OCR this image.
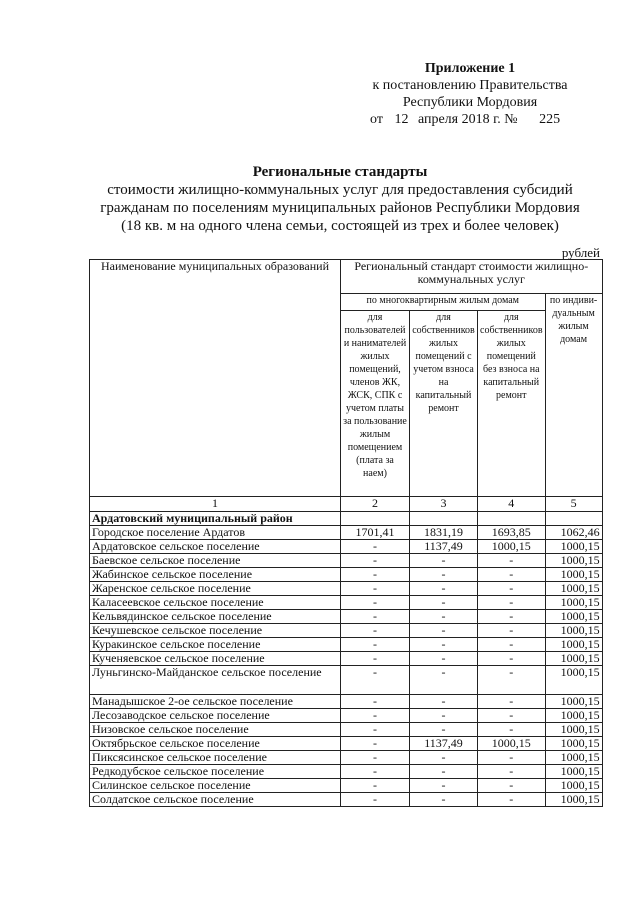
Приложение 1
к постановлению Правительства
Республики Мордовия
от 12 апреля 2018 г. № 225
Региональные стандарты
стоимости жилищно-коммунальных услуг для предоставления субсидий
гражданам по поселениям муниципальных районов Республики Мордовия
(18 кв. м на одного члена семьи, состоящей из трех и более человек)
рублей
Наименование муниципальных образований	Региональный стандарт стоимости жилищно-коммунальных услуг			
	по многоквартирным жилым домам			по индиви-дуальным жилым домам
	для пользователей и нанимателей жилых помещений, членов ЖК, ЖСК, СПК с учетом платы за пользование жилым помещением (плата за наем)	для собственников жилых помещений с учетом взноса на капитальный ремонт	для собственников жилых помещений без взноса на капитальный ремонт	
1	2	3	4	5
Ардатовский муниципальный район				
Городское поселение Ардатов	1701,41	1831,19	1693,85	1062,46
Ардатовское сельское поселение	-	1137,49	1000,15	1000,15
Баевское сельское поселение	-	-	-	1000,15
Жабинское сельское поселение	-	-	-	1000,15
Жаренское сельское поселение	-	-	-	1000,15
Каласеевское сельское поселение	-	-	-	1000,15
Кельвядинское сельское поселение	-	-	-	1000,15
Кечушевское сельское поселение	-	-	-	1000,15
Куракинское сельское поселение	-	-	-	1000,15
Кученяевское сельское поселение	-	-	-	1000,15
Луньгинско-Майданское сельское поселение	-	-	-	1000,15
Манадышское 2-ое сельское поселение	-	-	-	1000,15
Лесозаводское сельское поселение	-	-	-	1000,15
Низовское сельское поселение	-	-	-	1000,15
Октябрьское сельское поселение	-	1137,49	1000,15	1000,15
Пиксясинское сельское поселение	-	-	-	1000,15
Редкодубское сельское поселение	-	-	-	1000,15
Силинское сельское поселение	-	-	-	1000,15
Солдатское сельское поселение	-	-	-	1000,15
